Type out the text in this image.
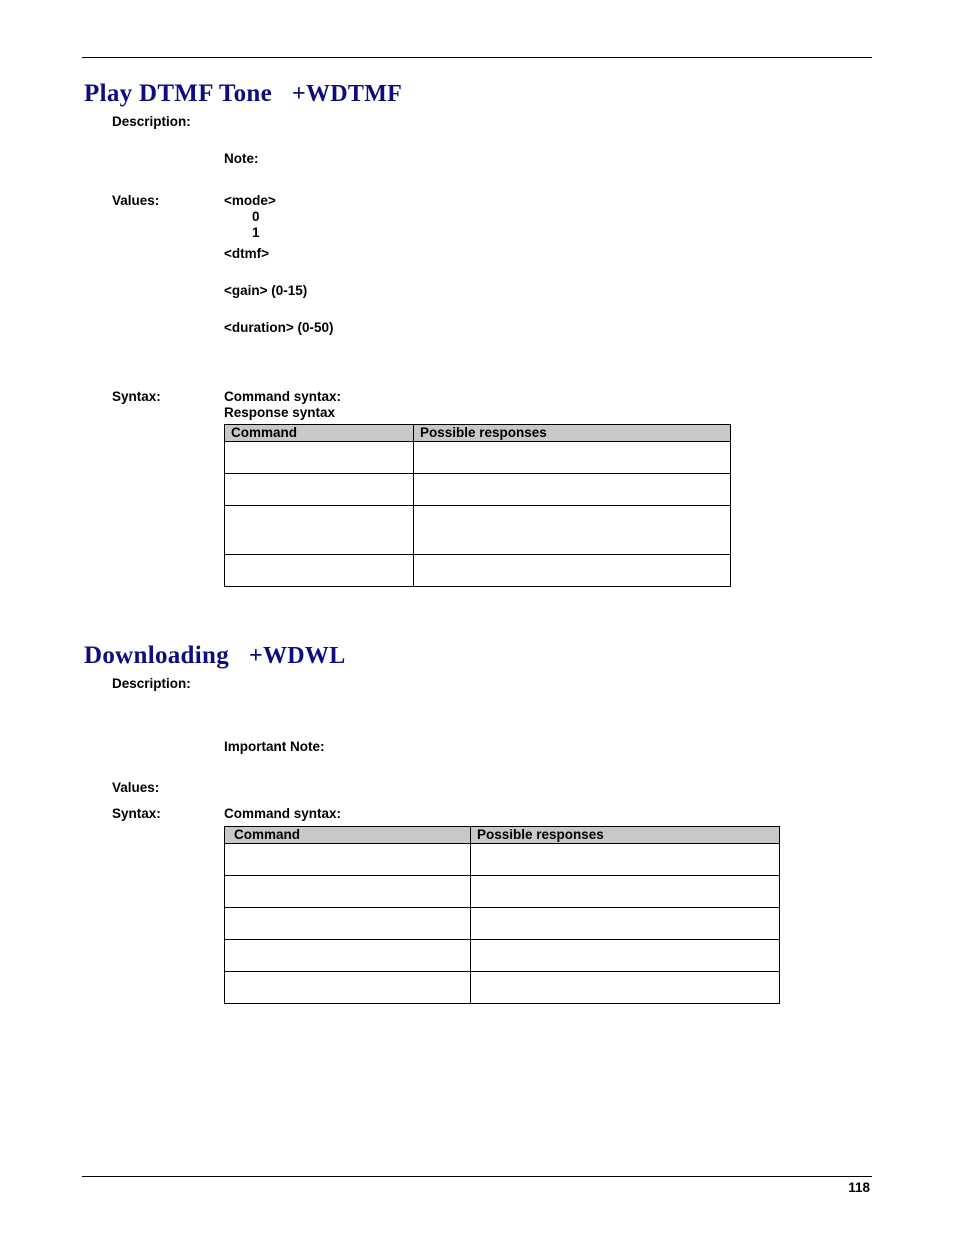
Play DTMF Tone +WDTMF
Description:
Note:
Values:	<mode>
0
1
<dtmf>
<gain> (0-15)
<duration> (0-50)
Syntax:	Command syntax:
Response syntax
Command	Possible responses

Downloading +WDWL
Description:
Important Note:
Values:
Syntax:	Command syntax:
Command	Possible responses

118
